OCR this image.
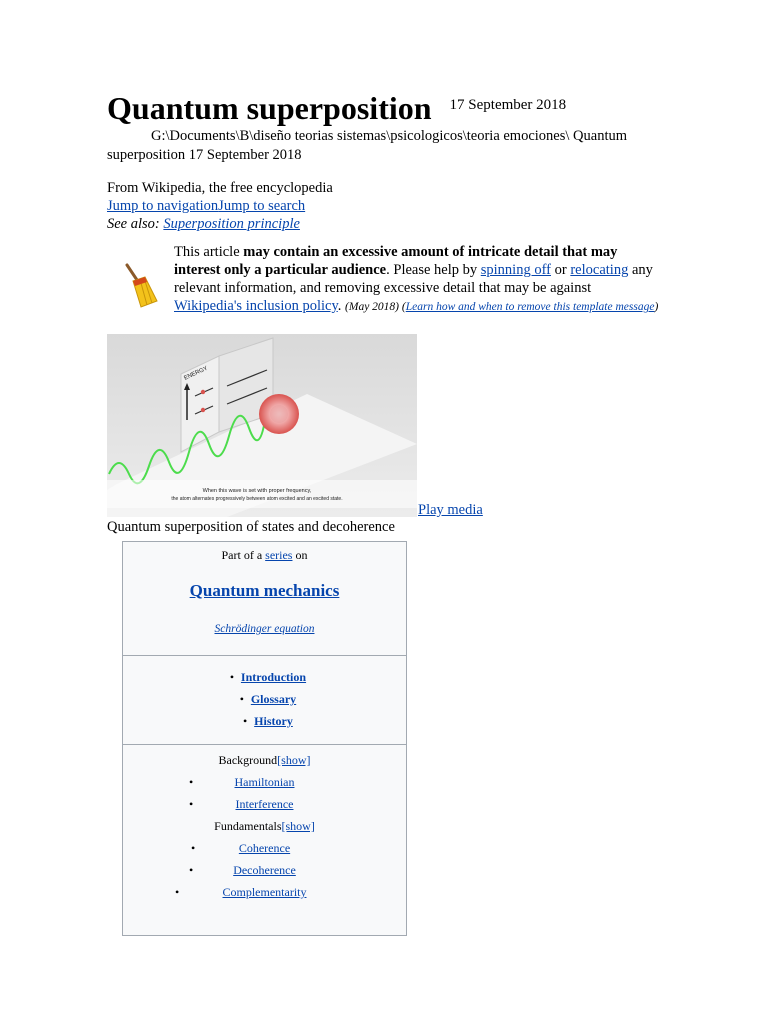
Quantum superposition 17 September 2018
G:\Documents\B\diseño teorias sistemas\psicologicos\teoria emociones\ Quantum superposition 17 September 2018
From Wikipedia, the free encyclopedia
Jump to navigationJump to search
See also: Superposition principle
This article may contain an excessive amount of intricate detail that may interest only a particular audience. Please help by spinning off or relocating any relevant information, and removing excessive detail that may be against Wikipedia's inclusion policy. (May 2018) (Learn how and when to remove this template message)
ENERGY
When this wave is set with proper frequency,
the atom alternates progressively between atom excited and an excited state.
Play media
Quantum superposition of states and decoherence
Part of a series on
Quantum mechanics
Schrödinger equation
• Introduction
• Glossary
• History
Background[show]
•	Hamiltonian
•	Interference
Fundamentals[show]
•	Coherence
•	Decoherence
•	Complementarity
